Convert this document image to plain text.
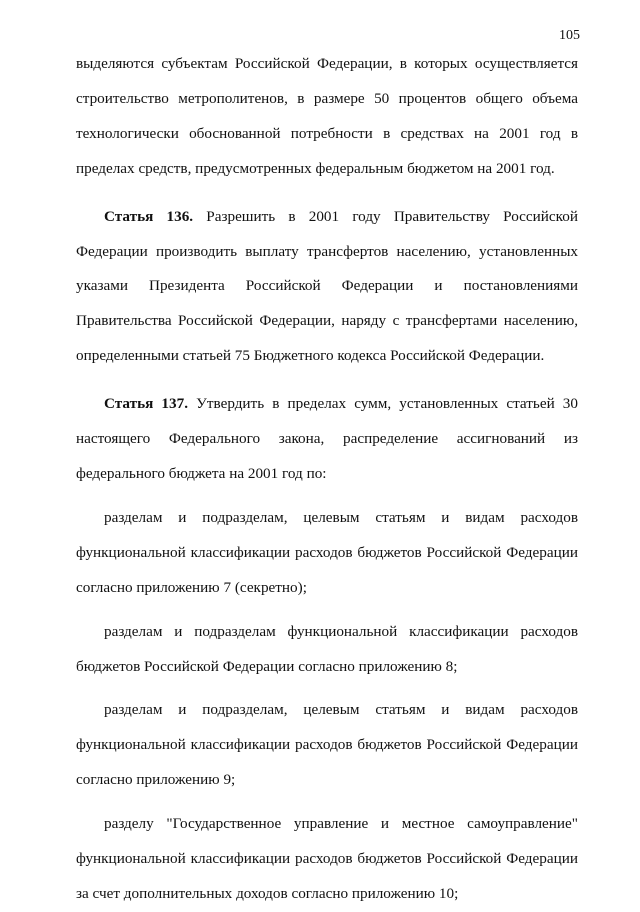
105

выделяются субъектам Российской Федерации, в которых осуществляется строительство метрополитенов, в размере 50 процентов общего объема технологически обоснованной потребности в средствах на 2001 год в пределах средств, предусмотренных федеральным бюджетом на 2001 год.

Статья 136. Разрешить в 2001 году Правительству Российской Федерации производить выплату трансфертов населению, установленных указами Президента Российской Федерации и постановлениями Правительства Российской Федерации, наряду с трансфертами населению, определенными статьей 75 Бюджетного кодекса Российской Федерации.

Статья 137. Утвердить в пределах сумм, установленных статьей 30 настоящего Федерального закона, распределение ассигнований из федерального бюджета на 2001 год по:

разделам и подразделам, целевым статьям и видам расходов функциональной классификации расходов бюджетов Российской Федерации согласно приложению 7 (секретно);

разделам и подразделам функциональной классификации расходов бюджетов Российской Федерации согласно приложению 8;

разделам и подразделам, целевым статьям и видам расходов функциональной классификации расходов бюджетов Российской Федерации согласно приложению 9;

разделу "Государственное управление и местное самоуправление" функциональной классификации расходов бюджетов Российской Федерации за счет дополнительных доходов согласно приложению 10;
